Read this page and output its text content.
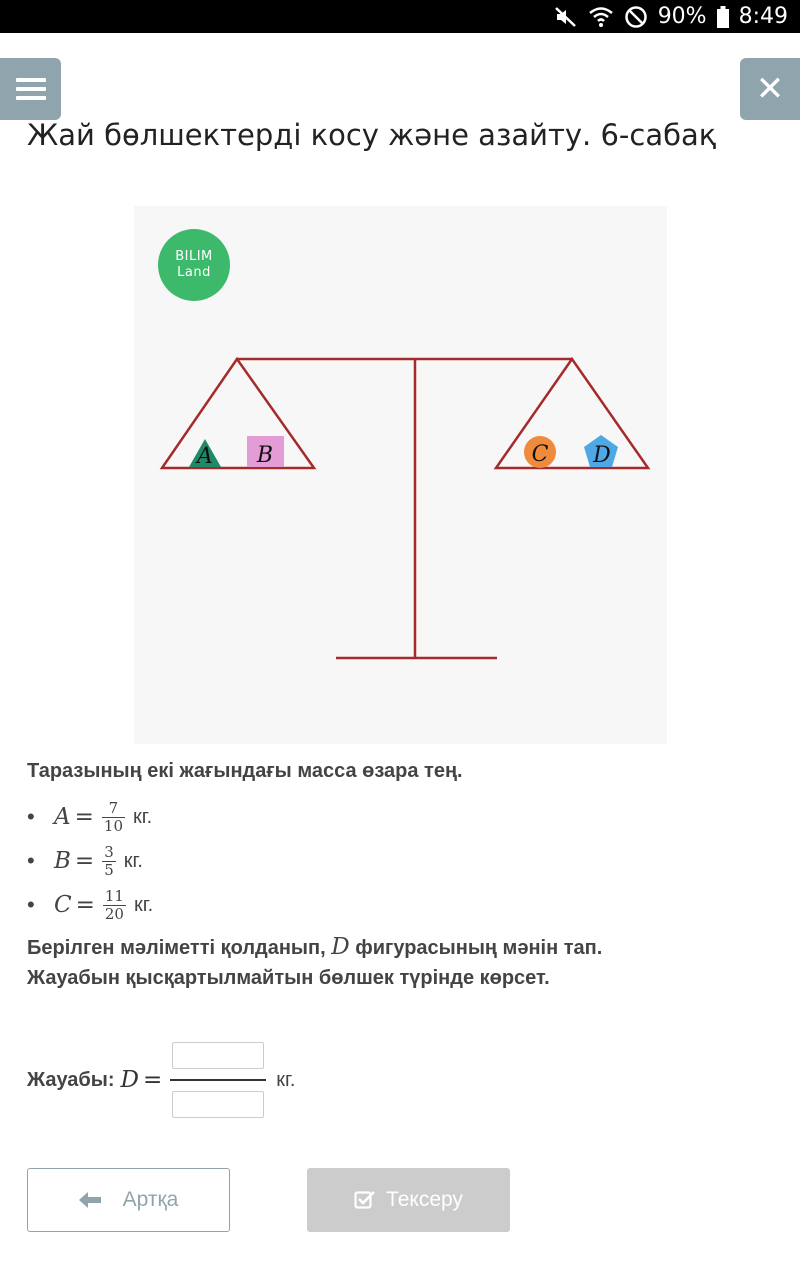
90% 8:49
✕
Жай бөлшектерді косу және азайту. 6-сабақ
BILIM
Land
A B	C D
Таразының екі жағындағы масса өзара тең.
• $A = \frac{7}{10}$ кг.
• $B = \frac{3}{5}$ кг.
• $C = \frac{11}{20}$ кг.
Берілген мәліметті қолданып, D фигурасының мәнін тап.
Жауабын қысқартылмайтын бөлшек түрінде көрсет.
Жауабы: D =	кг.
Артқа	Тексеру
